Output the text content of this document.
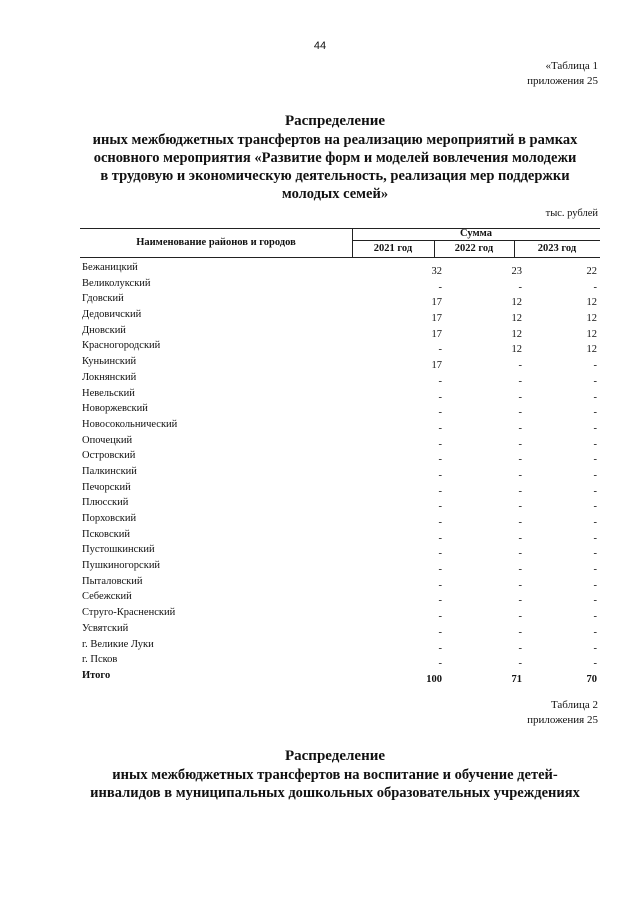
44
«Таблица 1
приложения 25
Распределение
иных межбюджетных трансфертов на реализацию мероприятий в рамках
основного мероприятия «Развитие форм и моделей вовлечения молодежи
в трудовую и экономическую деятельность, реализация мер поддержки
молодых семей»
тыс. рублей
Наименование районов и городов
Сумма
2021 год	2022 год	2023 год
Бежаницкий	32	23	22
Великолукский	-	-	-
Гдовский	17	12	12
Дедовичский	17	12	12
Дновский	17	12	12
Красногородский	-	12	12
Куньинский	17	-	-
Локнянский	-	-	-
Невельский	-	-	-
Новоржевский	-	-	-
Новосокольнический	-	-	-
Опочецкий	-	-	-
Островский	-	-	-
Палкинский	-	-	-
Печорский	-	-	-
Плюсский	-	-	-
Порховский	-	-	-
Псковский	-	-	-
Пустошкинский	-	-	-
Пушкиногорский	-	-	-
Пыталовский	-	-	-
Себежский	-	-	-
Струго-Красненский	-	-	-
Усвятский	-	-	-
г. Великие Луки	-	-	-
г. Псков	-	-	-
Итого	100	71	70
Таблица 2
приложения 25
Распределение
иных межбюджетных трансфертов на воспитание и обучение детей-
инвалидов в муниципальных дошкольных образовательных учреждениях
